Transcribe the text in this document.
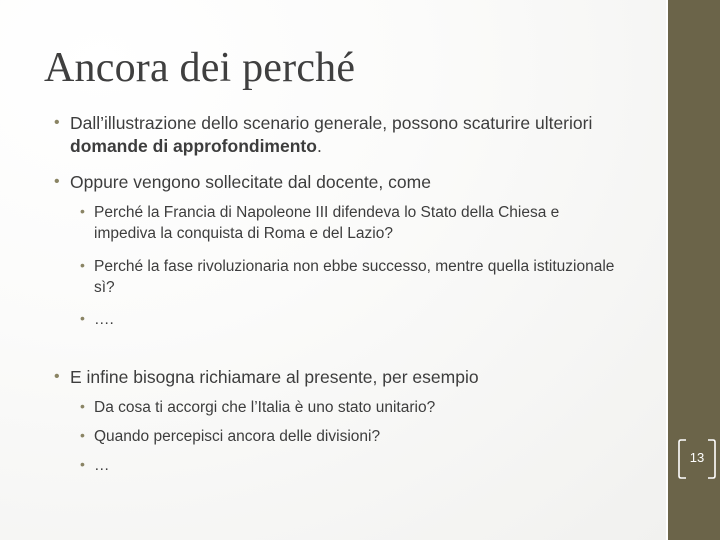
Ancora dei perché
• Dall’illustrazione dello scenario generale, possono scaturire ulteriori domande di approfondimento.
• Oppure vengono sollecitate dal docente, come
• Perché la Francia di Napoleone III difendeva lo Stato della Chiesa e impediva la conquista di Roma e del Lazio?
• Perché la fase rivoluzionaria non ebbe successo, mentre quella istituzionale sì?
• ….
• E infine bisogna richiamare al presente, per esempio
• Da cosa ti accorgi che l’Italia è uno stato unitario?
• Quando percepisci ancora delle divisioni?
• …	13
